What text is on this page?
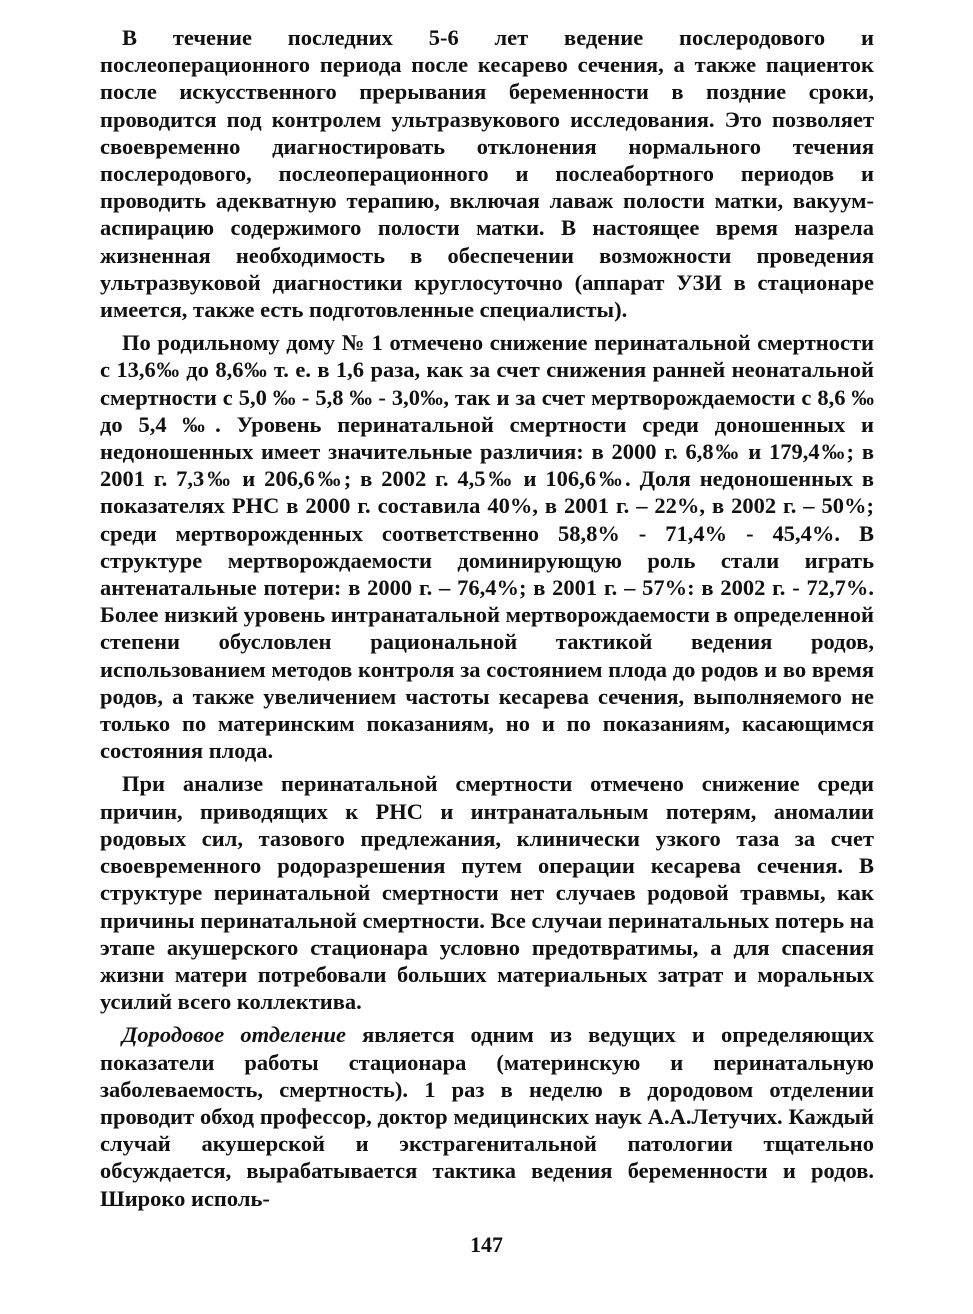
В течение последних 5-6 лет ведение послеродового и послеоперационного периода после кесарево сечения, а также пациенток после искусственного прерывания беременности в поздние сроки, проводится под контролем ультразвукового исследования. Это позволяет своевременно диагностировать отклонения нормального течения послеродового, послеоперационного и послеабортного периодов и проводить адекватную терапию, включая лаваж полости матки, вакуум-аспирацию содержимого полости матки. В настоящее время назрела жизненная необходимость в обеспечении возможности проведения ультразвуковой диагностики круглосуточно (аппарат УЗИ в стационаре имеется, также есть подготовленные специалисты).

По родильному дому № 1 отмечено снижение перинатальной смертности с 13,6‰ до 8,6‰ т. е. в 1,6 раза, как за счет снижения ранней неонатальной смертности с 5,0 ‰ - 5,8 ‰ - 3,0‰, так и за счет мертворождаемости с 8,6 ‰ до 5,4 ‰. Уровень перинатальной смертности среди доношенных и недоношенных имеет значительные различия: в 2000 г. 6,8‰ и 179,4‰; в 2001 г. 7,3‰ и 206,6‰; в 2002 г. 4,5‰ и 106,6‰. Доля недоношенных в показателях РНС в 2000 г. составила 40%, в 2001 г. – 22%, в 2002 г. – 50%; среди мертворожденных соответственно 58,8% - 71,4% - 45,4%. В структуре мертворождаемости доминирующую роль стали играть антенатальные потери: в 2000 г. – 76,4%; в 2001 г. – 57%: в 2002 г. - 72,7%. Более низкий уровень интранатальной мертворождаемости в определенной степени обусловлен рациональной тактикой ведения родов, использованием методов контроля за состоянием плода до родов и во время родов, а также увеличением частоты кесарева сечения, выполняемого не только по материнским показаниям, но и по показаниям, касающимся состояния плода.

При анализе перинатальной смертности отмечено снижение среди причин, приводящих к РНС и интранатальным потерям, аномалии родовых сил, тазового предлежания, клинически узкого таза за счет своевременного родоразрешения путем операции кесарева сечения. В структуре перинатальной смертности нет случаев родовой травмы, как причины перинатальной смертности. Все случаи перинатальных потерь на этапе акушерского стационара условно предотвратимы, а для спасения жизни матери потребовали больших материальных затрат и моральных усилий всего коллектива.

Дородовое отделение является одним из ведущих и определяющих показатели работы стационара (материнскую и перинатальную заболеваемость, смертность). 1 раз в неделю в дородовом отделении проводит обход профессор, доктор медицинских наук А.А.Летучих. Каждый случай акушерской и экстрагенитальной патологии тщательно обсуждается, вырабатывается тактика ведения беременности и родов. Широко исполь-

147
